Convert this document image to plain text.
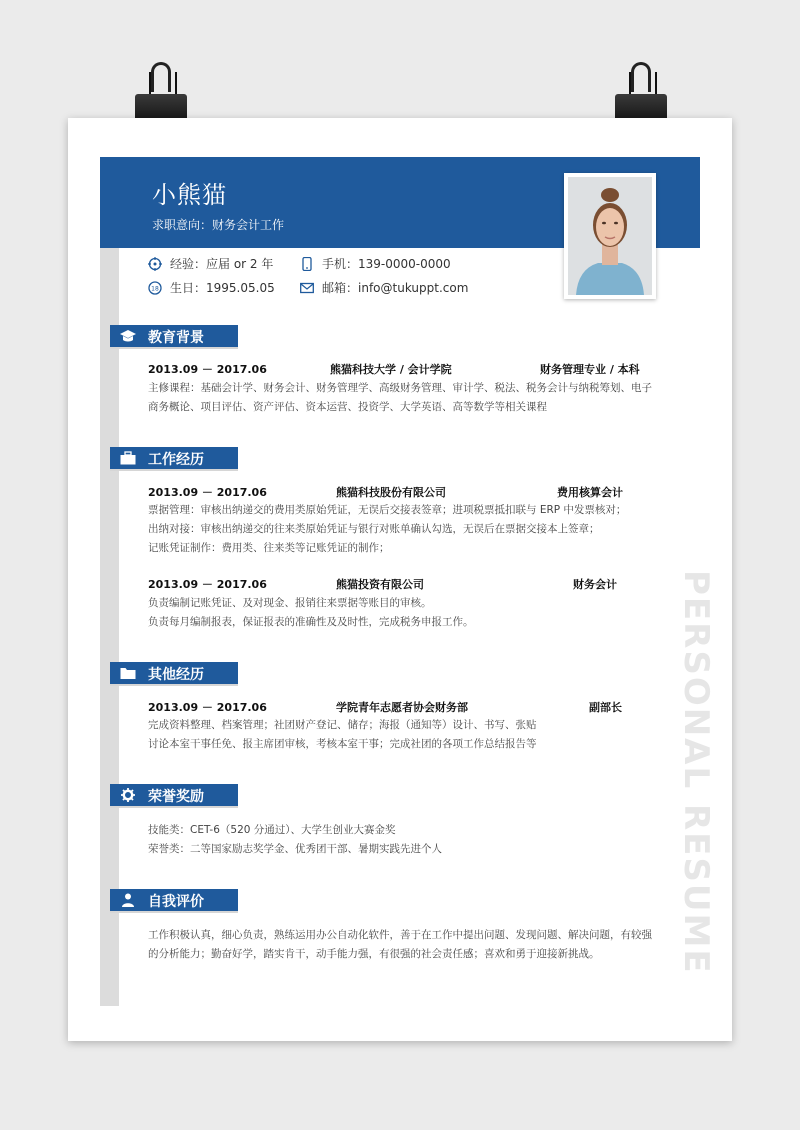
小熊猫
求职意向：财务会计工作
经验：应届 or 2 年	手机：139-0000-0000
18 生日：1995.05.05	邮箱：info@tukuppt.com
教育背景
2013.09 － 2017.06	熊猫科技大学 / 会计学院	财务管理专业 / 本科
主修课程：基础会计学、财务会计、财务管理学、高级财务管理、审计学、税法、税务会计与纳税筹划、电子
商务概论、项目评估、资产评估、资本运营、投资学、大学英语、高等数学等相关课程
工作经历
2013.09 － 2017.06	熊猫科技股份有限公司	费用核算会计
票据管理：审核出纳递交的费用类原始凭证，无误后交接表签章；进项税票抵扣联与 ERP 中发票核对；
出纳对接：审核出纳递交的往来类原始凭证与银行对账单确认勾选，无误后在票据交接本上签章；
记账凭证制作：费用类、往来类等记账凭证的制作；
2013.09 － 2017.06	熊猫投资有限公司	财务会计
负责编制记账凭证、及对现金、报销往来票据等账目的审核。
负责每月编制报表，保证报表的准确性及及时性，完成税务申报工作。
其他经历
2013.09 － 2017.06	学院青年志愿者协会财务部	副部长
完成资料整理、档案管理；社团财产登记、储存；海报（通知等）设计、书写、张贴
讨论本室干事任免、报主席团审核，考核本室干事；完成社团的各项工作总结报告等
荣誉奖励
技能类：CET-6（520 分通过）、大学生创业大赛金奖
荣誉类：二等国家励志奖学金、优秀团干部、暑期实践先进个人
自我评价
工作积极认真，细心负责，熟练运用办公自动化软件，善于在工作中提出问题、发现问题、解决问题，有较强
的分析能力；勤奋好学，踏实肯干，动手能力强，有很强的社会责任感；喜欢和勇于迎接新挑战。 PERSONAL RESUME
